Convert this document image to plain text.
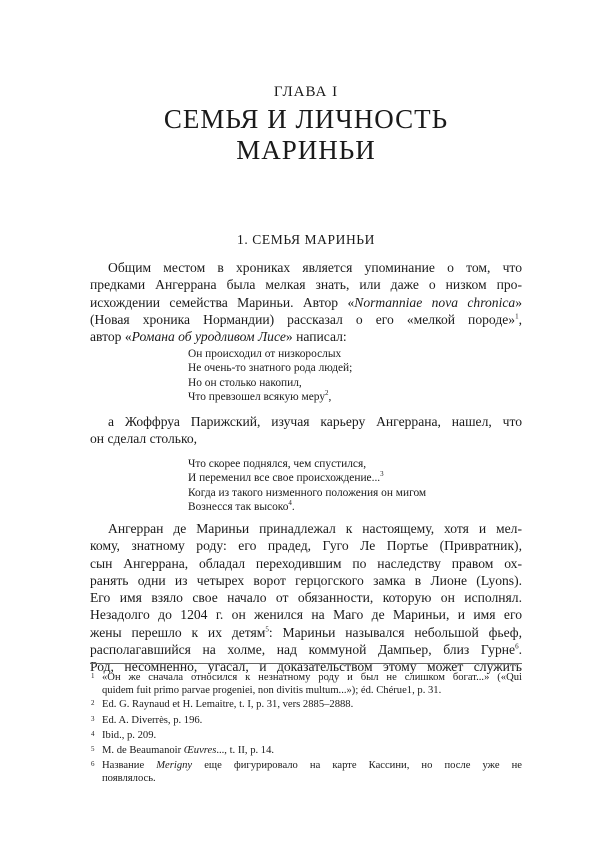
ГЛАВА I
СЕМЬЯ И ЛИЧНОСТЬ
МАРИНЬИ
1. СЕМЬЯ МАРИНЬИ
Общим местом в хрониках является упоминание о том, что
предками Ангеррана была мелкая знать, или даже о низком про-
исхождении семейства Мариньи. Автор «Normanniae nova chronica»
(Новая хроника Нормандии) рассказал о его «мелкой породе»$^1$,
автор «Романа об уродливом Лисе» написал:
Он происходил от низкорослых
Не очень-то знатного рода людей;
Но он столько накопил,
Что превзошел всякую меру$^2$,
а Жоффруа Парижский, изучая карьеру Ангеррана, нашел, что
он сделал столько,
Что скорее поднялся, чем спустился,
И переменил все свое происхождение...$^3$
Когда из такого низменного положения он мигом
Вознесся так высоко$^4$.
Ангерран де Мариньи принадлежал к настоящему, хотя и мел-
кому, знатному роду: его прадед, Гуго Ле Портье (Привратник),
сын Ангеррана, обладал переходившим по наследству правом ох-
ранять одни из четырех ворот герцогского замка в Лионе (Lyons).
Его имя взяло свое начало от обязанности, которую он исполнял.
Незадолго до 1204 г. он женился на Маго де Мариньи, и имя его
жены перешло к их детям$^5$: Мариньи назывался небольшой фьеф,
располагавшийся на холме, над коммуной Дампьер, близ Гурне$^6$.
Род, несомненно, угасал, и доказательством этому может служить
1 «Он же сначала относился к незнатному роду и был не слишком богат...» («Qui
quidem fuit primo parvae progeniei, non divitis multum...»); éd. Chérue1, p. 31.
2 Ed. G. Raynaud et H. Lemaitre, t. I, p. 31, vers 2885–2888.
3 Ed. A. Diverrès, p. 196.
4 Ibid., p. 209.
5 M. de Beaumanoir Œuvres..., t. II, p. 14.
6 Название Merigny еще фигурировало на карте Кассини, но после уже не
появлялось.
